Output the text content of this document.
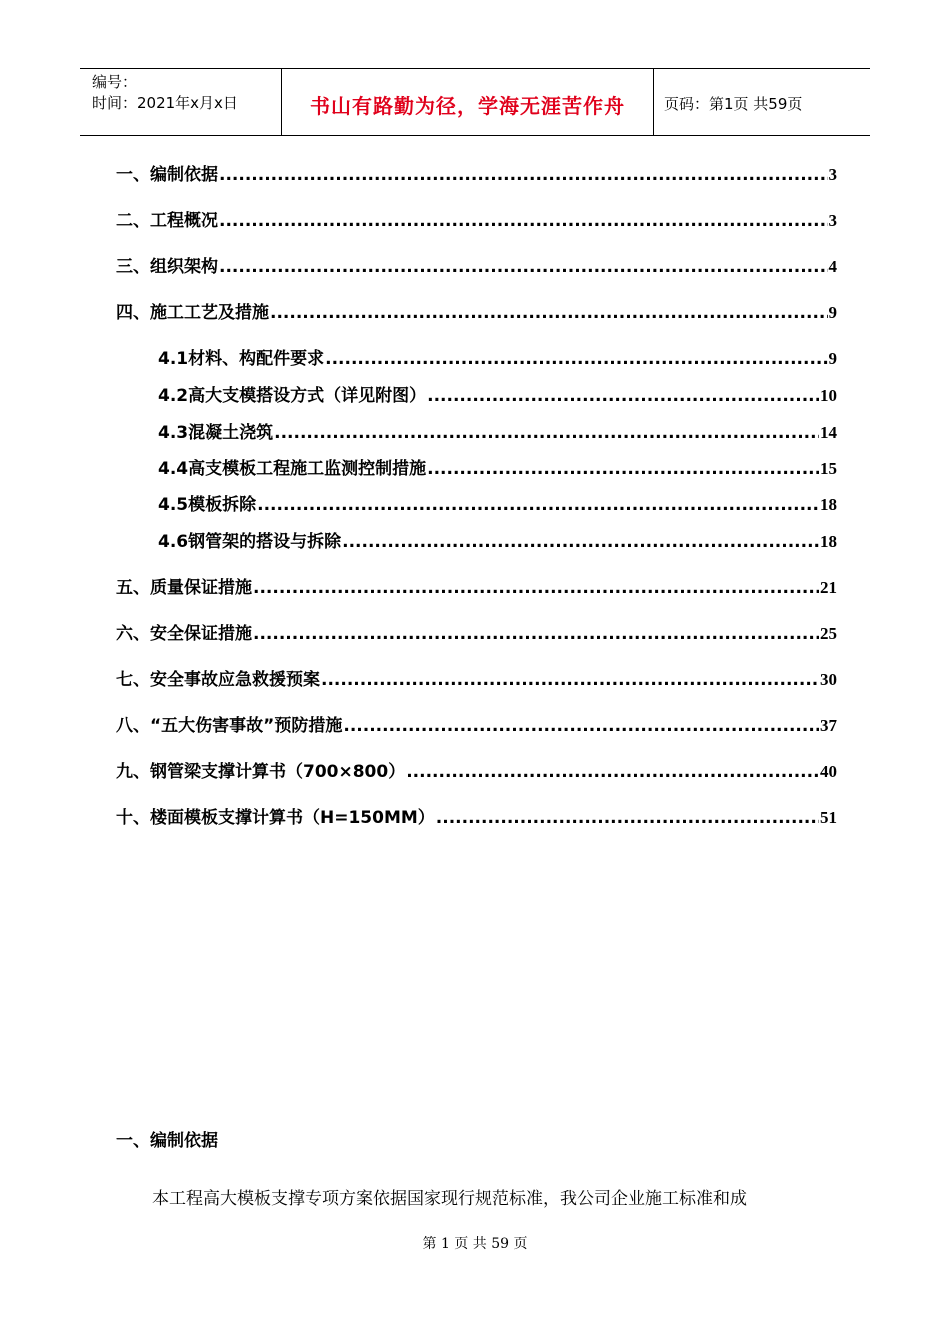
编号：
时间：2021年x月x日	书山有路勤为径，学海无涯苦作舟	页码：第1页 共59页
一、编制依据 .....	3
二、工程概况 .....	3
三、组织架构 .....	4
四、施工工艺及措施 .....	9
4.1材料、构配件要求 .....	9
4.2高大支模搭设方式（详见附图） .....	10
4.3混凝土浇筑 .....	14
4.4高支模板工程施工监测控制措施 .....	15
4.5模板拆除 .....	18
4.6钢管架的搭设与拆除 .....	18
五、质量保证措施 .....	21
六、安全保证措施 .....	25
七、安全事故应急救援预案 .....	30
八、“五大伤害事故”预防措施 .....	37
九、钢管梁支撑计算书（700×800） .....	40
十、楼面模板支撑计算书（H=150MM） .....	51
一、编制依据
本工程高大模板支撑专项方案依据国家现行规范标准，我公司企业施工标准和成
第 1 页 共 59 页
